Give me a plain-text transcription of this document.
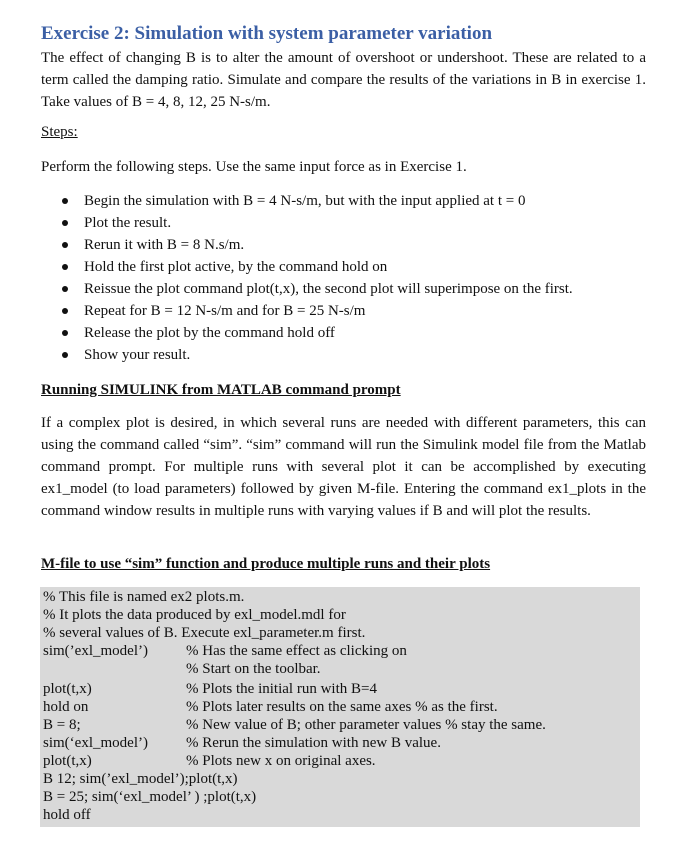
Exercise 2: Simulation with system parameter variation

The effect of changing B is to alter the amount of overshoot or undershoot. These are related to a term called the damping ratio. Simulate and compare the results of the variations in B in exercise 1. Take values of B = 4, 8, 12, 25 N-s/m.

Steps:

Perform the following steps. Use the same input force as in Exercise 1.

Begin the simulation with B = 4 N-s/m, but with the input applied at t = 0
Plot the result.
Rerun it with B = 8 N.s/m.
Hold the first plot active, by the command hold on
Reissue the plot command plot(t,x), the second plot will superimpose on the first.
Repeat for B = 12 N-s/m and for B = 25 N-s/m
Release the plot by the command hold off
Show your result.
Running SIMULINK from MATLAB command prompt

If a complex plot is desired, in which several runs are needed with different parameters, this can using the command called “sim”. “sim” command will run the Simulink model file from the Matlab command prompt. For multiple runs with several plot it can be accomplished by executing ex1_model (to load parameters) followed by given M-file. Entering the command ex1_plots in the command window results in multiple runs with varying values if B and will plot the results.

M-file to use “sim” function and produce multiple runs and their plots
% This file is named ex2 plots.m.
% It plots the data produced by exl_model.mdl for
% several values of B. Execute exl_parameter.m first.
sim(’exl_model’)	% Has the same effect as clicking on
% Start on the toolbar.
plot(t,x)	% Plots the initial run with B=4
hold on	% Plots later results on the same axes % as the first.
B = 8;	% New value of B; other parameter values % stay the same.
sim(‘exl_model’)	% Rerun the simulation with new B value.
plot(t,x)	% Plots new x on original axes.
B 12; sim(’exl_model’);plot(t,x)
B = 25; sim(‘exl_model’ ) ;plot(t,x)
hold off
